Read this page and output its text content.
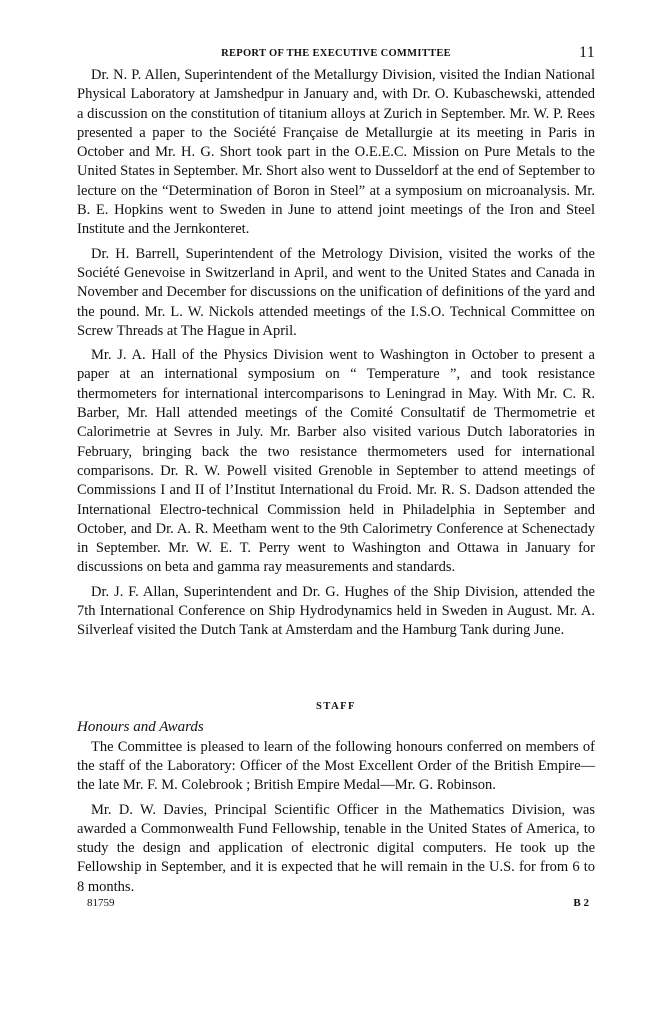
REPORT OF THE EXECUTIVE COMMITTEE	11

Dr. N. P. Allen, Superintendent of the Metallurgy Division, visited the Indian National Physical Laboratory at Jamshedpur in January and, with Dr. O. Kubaschewski, attended a discussion on the constitution of titanium alloys at Zurich in September. Mr. W. P. Rees presented a paper to the Société Française de Metallurgie at its meeting in Paris in October and Mr. H. G. Short took part in the O.E.E.C. Mission on Pure Metals to the United States in September. Mr. Short also went to Dusseldorf at the end of September to lecture on the “Determination of Boron in Steel” at a symposium on microanalysis. Mr. B. E. Hopkins went to Sweden in June to attend joint meetings of the Iron and Steel Institute and the Jernkonteret.

Dr. H. Barrell, Superintendent of the Metrology Division, visited the works of the Société Genevoise in Switzerland in April, and went to the United States and Canada in November and December for discussions on the unification of definitions of the yard and the pound. Mr. L. W. Nickols attended meetings of the I.S.O. Technical Committee on Screw Threads at The Hague in April.

Mr. J. A. Hall of the Physics Division went to Washington in October to present a paper at an international symposium on “ Temperature ”, and took resistance thermometers for international intercomparisons to Leningrad in May. With Mr. C. R. Barber, Mr. Hall attended meetings of the Comité Consultatif de Thermometrie et Calorimetrie at Sevres in July. Mr. Barber also visited various Dutch laboratories in February, bringing back the two resistance thermometers used for international comparisons. Dr. R. W. Powell visited Grenoble in September to attend meetings of Commissions I and II of l’Institut International du Froid. Mr. R. S. Dadson attended the International Electro-technical Commission held in Philadelphia in September and October, and Dr. A. R. Meetham went to the 9th Calorimetry Conference at Schenectady in September. Mr. W. E. T. Perry went to Washington and Ottawa in January for discussions on beta and gamma ray measurements and standards.

Dr. J. F. Allan, Superintendent and Dr. G. Hughes of the Ship Division, attended the 7th International Conference on Ship Hydrodynamics held in Sweden in August. Mr. A. Silverleaf visited the Dutch Tank at Amsterdam and the Hamburg Tank during June.

STAFF
Honours and Awards

The Committee is pleased to learn of the following honours conferred on members of the staff of the Laboratory: Officer of the Most Excellent Order of the British Empire—the late Mr. F. M. Colebrook ; British Empire Medal—Mr. G. Robinson.

Mr. D. W. Davies, Principal Scientific Officer in the Mathematics Division, was awarded a Commonwealth Fund Fellowship, tenable in the United States of America, to study the design and application of electronic digital computers. He took up the Fellowship in September, and it is expected that he will remain in the U.S. for from 6 to 8 months.

81759	B 2
